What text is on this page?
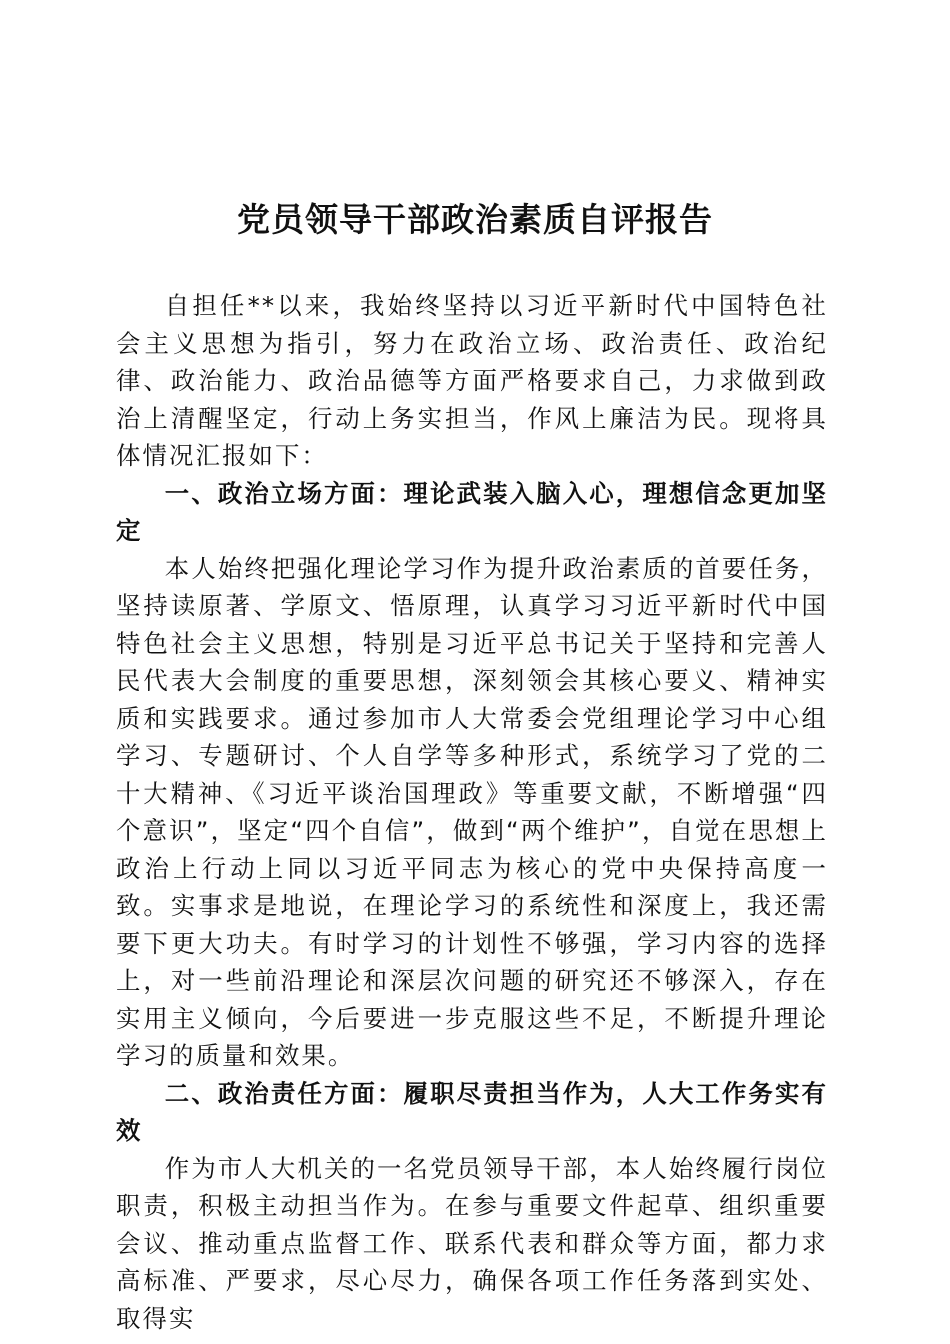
党员领导干部政治素质自评报告

自担任**以来，我始终坚持以习近平新时代中国特色社会主义思想为指引，努力在政治立场、政治责任、政治纪律、政治能力、政治品德等方面严格要求自己，力求做到政治上清醒坚定，行动上务实担当，作风上廉洁为民。现将具体情况汇报如下：

一、政治立场方面：理论武装入脑入心，理想信念更加坚定

本人始终把强化理论学习作为提升政治素质的首要任务，坚持读原著、学原文、悟原理，认真学习习近平新时代中国特色社会主义思想，特别是习近平总书记关于坚持和完善人民代表大会制度的重要思想，深刻领会其核心要义、精神实质和实践要求。通过参加市人大常委会党组理论学习中心组学习、专题研讨、个人自学等多种形式，系统学习了党的二十大精神、《习近平谈治国理政》等重要文献，不断增强“四个意识”，坚定“四个自信”，做到“两个维护”，自觉在思想上政治上行动上同以习近平同志为核心的党中央保持高度一致。实事求是地说，在理论学习的系统性和深度上，我还需要下更大功夫。有时学习的计划性不够强，学习内容的选择上，对一些前沿理论和深层次问题的研究还不够深入，存在实用主义倾向，今后要进一步克服这些不足，不断提升理论学习的质量和效果。

二、政治责任方面：履职尽责担当作为，人大工作务实有效

作为市人大机关的一名党员领导干部，本人始终履行岗位职责，积极主动担当作为。在参与重要文件起草、组织重要会议、推动重点监督工作、联系代表和群众等方面，都力求高标准、严要求，尽心尽力，确保各项工作任务落到实处、取得实
